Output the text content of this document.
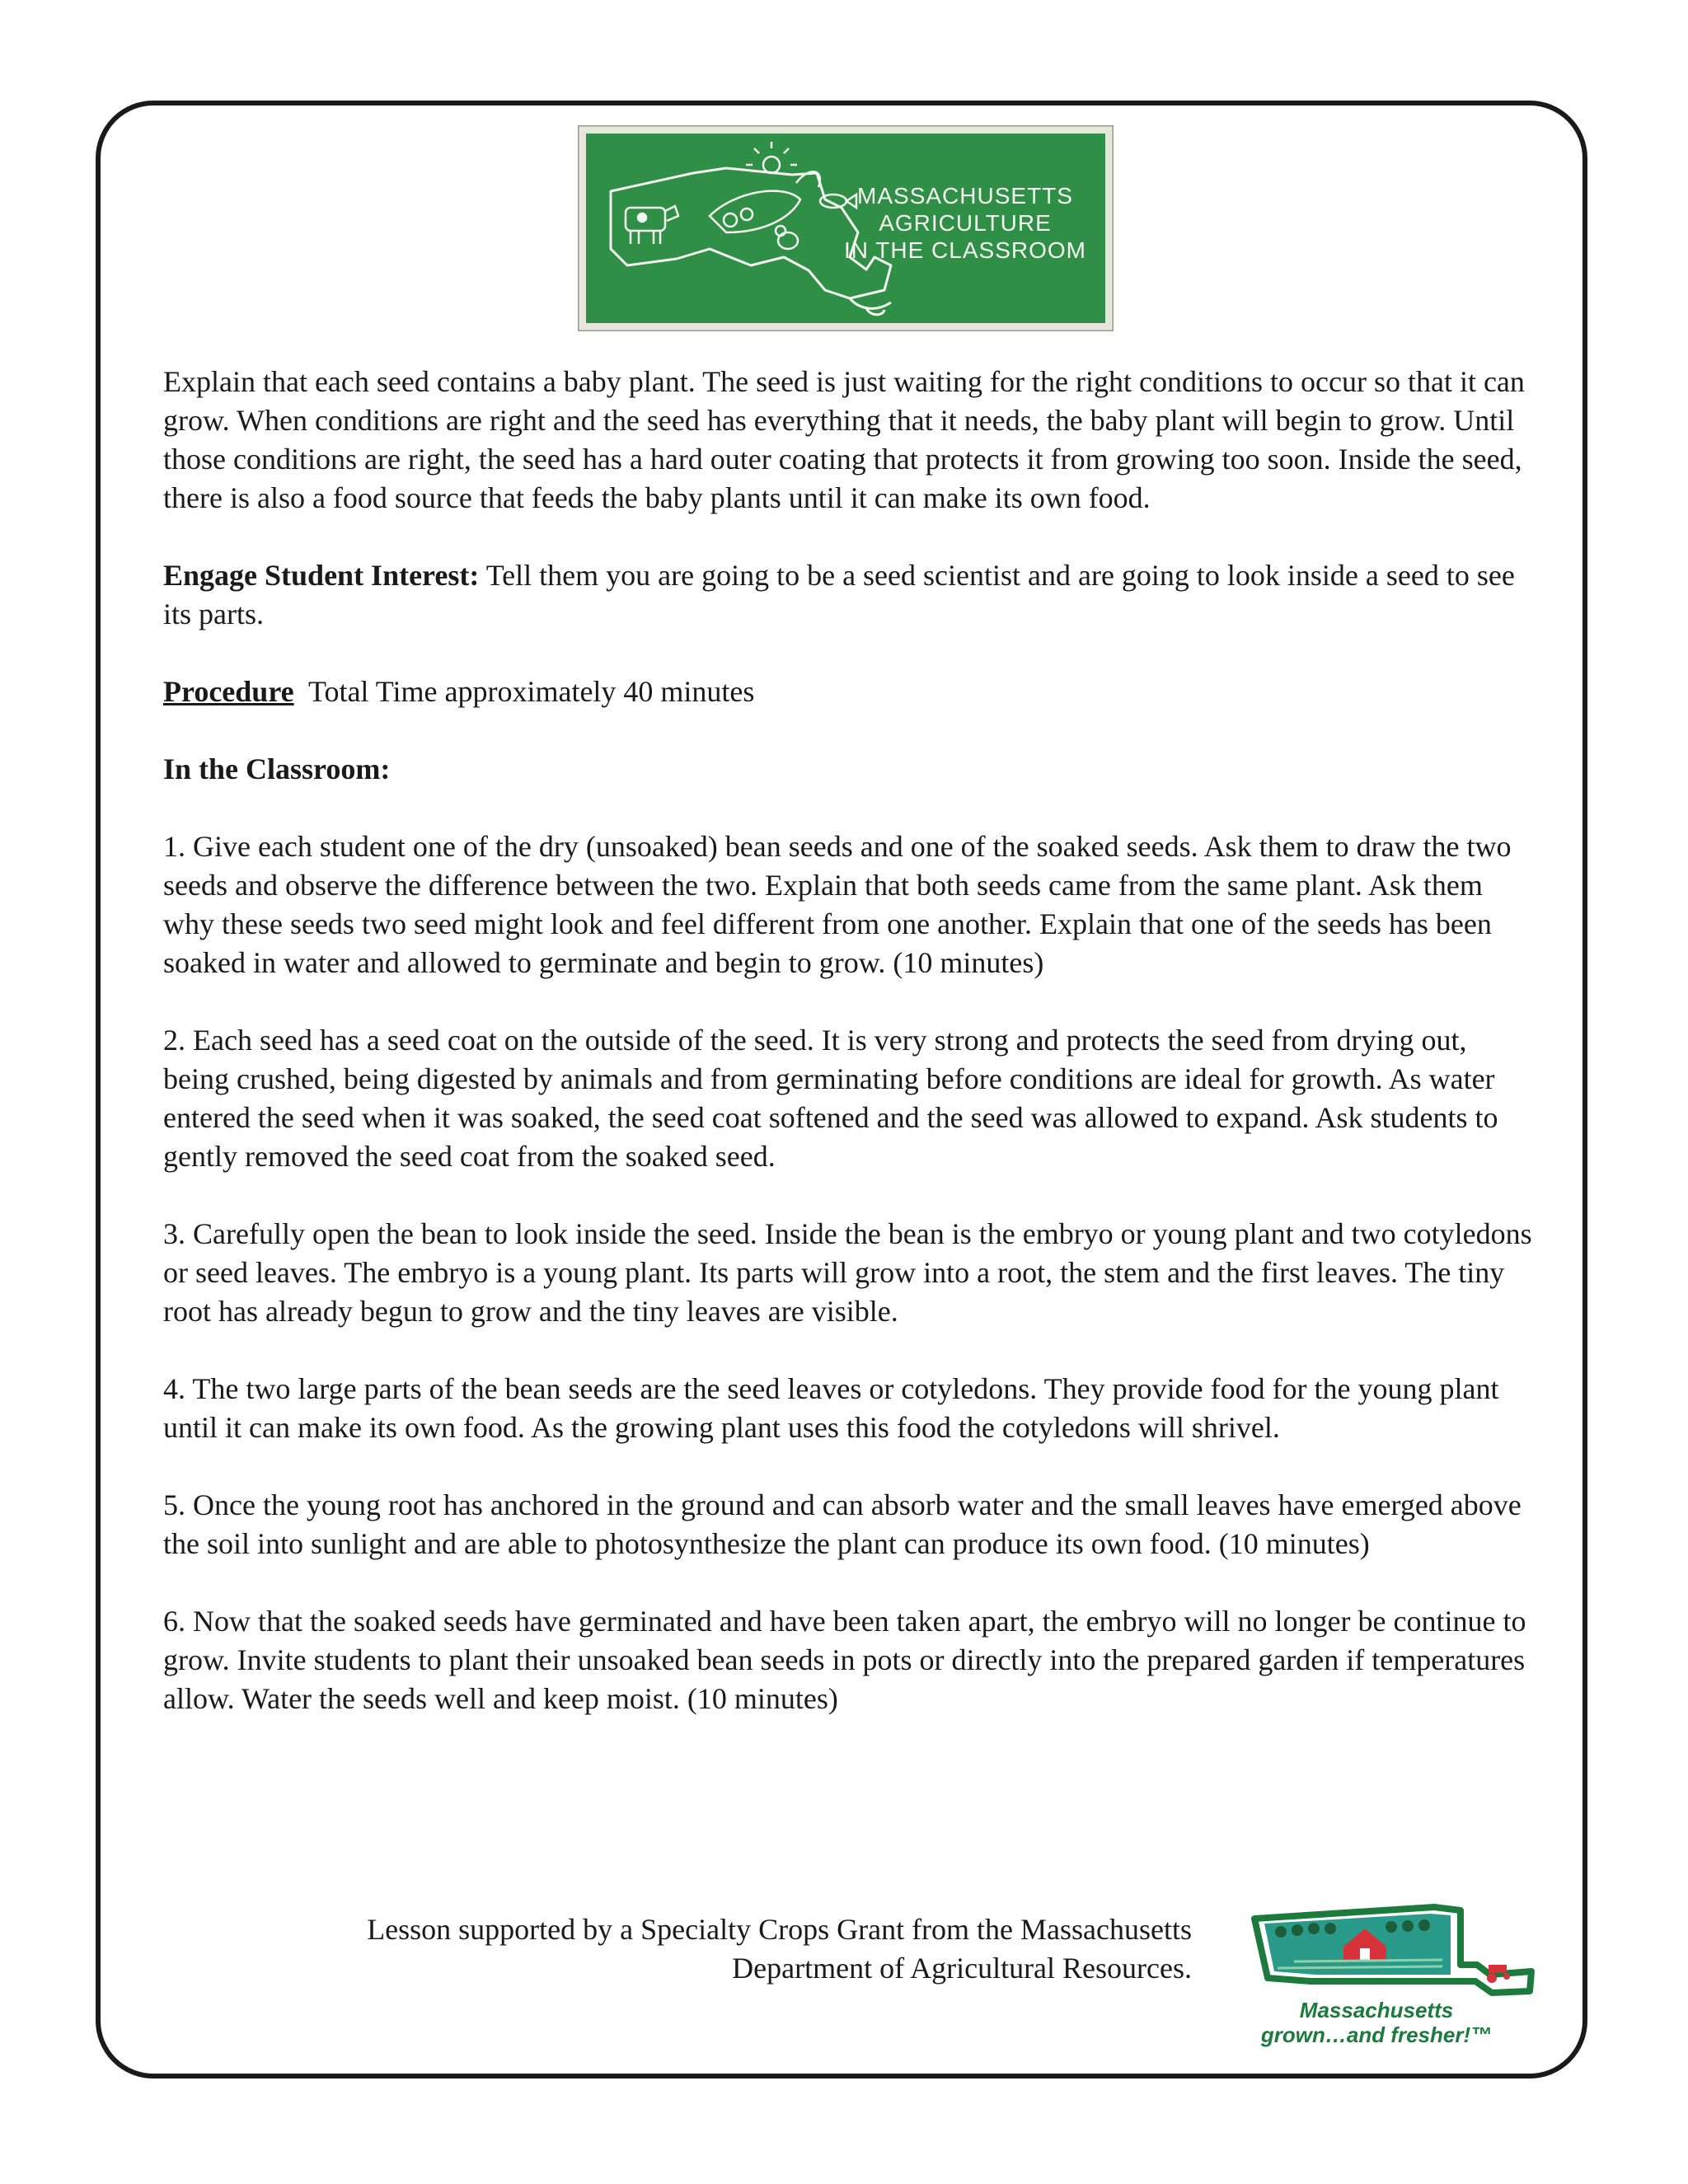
MASSACHUSETTS
AGRICULTURE
IN THE CLASSROOM

Explain that each seed contains a baby plant. The seed is just waiting for the right conditions to occur so that it can grow. When conditions are right and the seed has everything that it needs, the baby plant will begin to grow. Until those conditions are right, the seed has a hard outer coating that protects it from growing too soon. Inside the seed, there is also a food source that feeds the baby plants until it can make its own food.

Engage Student Interest: Tell them you are going to be a seed scientist and are going to look inside a seed to see its parts.

Procedure  Total Time approximately 40 minutes

In the Classroom:

1. Give each student one of the dry (unsoaked) bean seeds and one of the soaked seeds. Ask them to draw the two seeds and observe the difference between the two. Explain that both seeds came from the same plant. Ask them why these seeds two seed might look and feel different from one another. Explain that one of the seeds has been soaked in water and allowed to germinate and begin to grow. (10 minutes)

2. Each seed has a seed coat on the outside of the seed. It is very strong and protects the seed from drying out, being crushed, being digested by animals and from germinating before conditions are ideal for growth. As water entered the seed when it was soaked, the seed coat softened and the seed was allowed to expand. Ask students to gently removed the seed coat from the soaked seed.

3. Carefully open the bean to look inside the seed. Inside the bean is the embryo or young plant and two cotyledons or seed leaves. The embryo is a young plant. Its parts will grow into a root, the stem and the first leaves. The tiny root has already begun to grow and the tiny leaves are visible.

4. The two large parts of the bean seeds are the seed leaves or cotyledons. They provide food for the young plant until it can make its own food. As the growing plant uses this food the cotyledons will shrivel.

5. Once the young root has anchored in the ground and can absorb water and the small leaves have emerged above the soil into sunlight and are able to photosynthesize the plant can produce its own food. (10 minutes)

6. Now that the soaked seeds have germinated and have been taken apart, the embryo will no longer be continue to grow. Invite students to plant their unsoaked bean seeds in pots or directly into the prepared garden if temperatures allow. Water the seeds well and keep moist. (10 minutes)

Lesson supported by a Specialty Crops Grant from the Massachusetts
Department of Agricultural Resources.
Massachusetts
grown…and fresher!™
